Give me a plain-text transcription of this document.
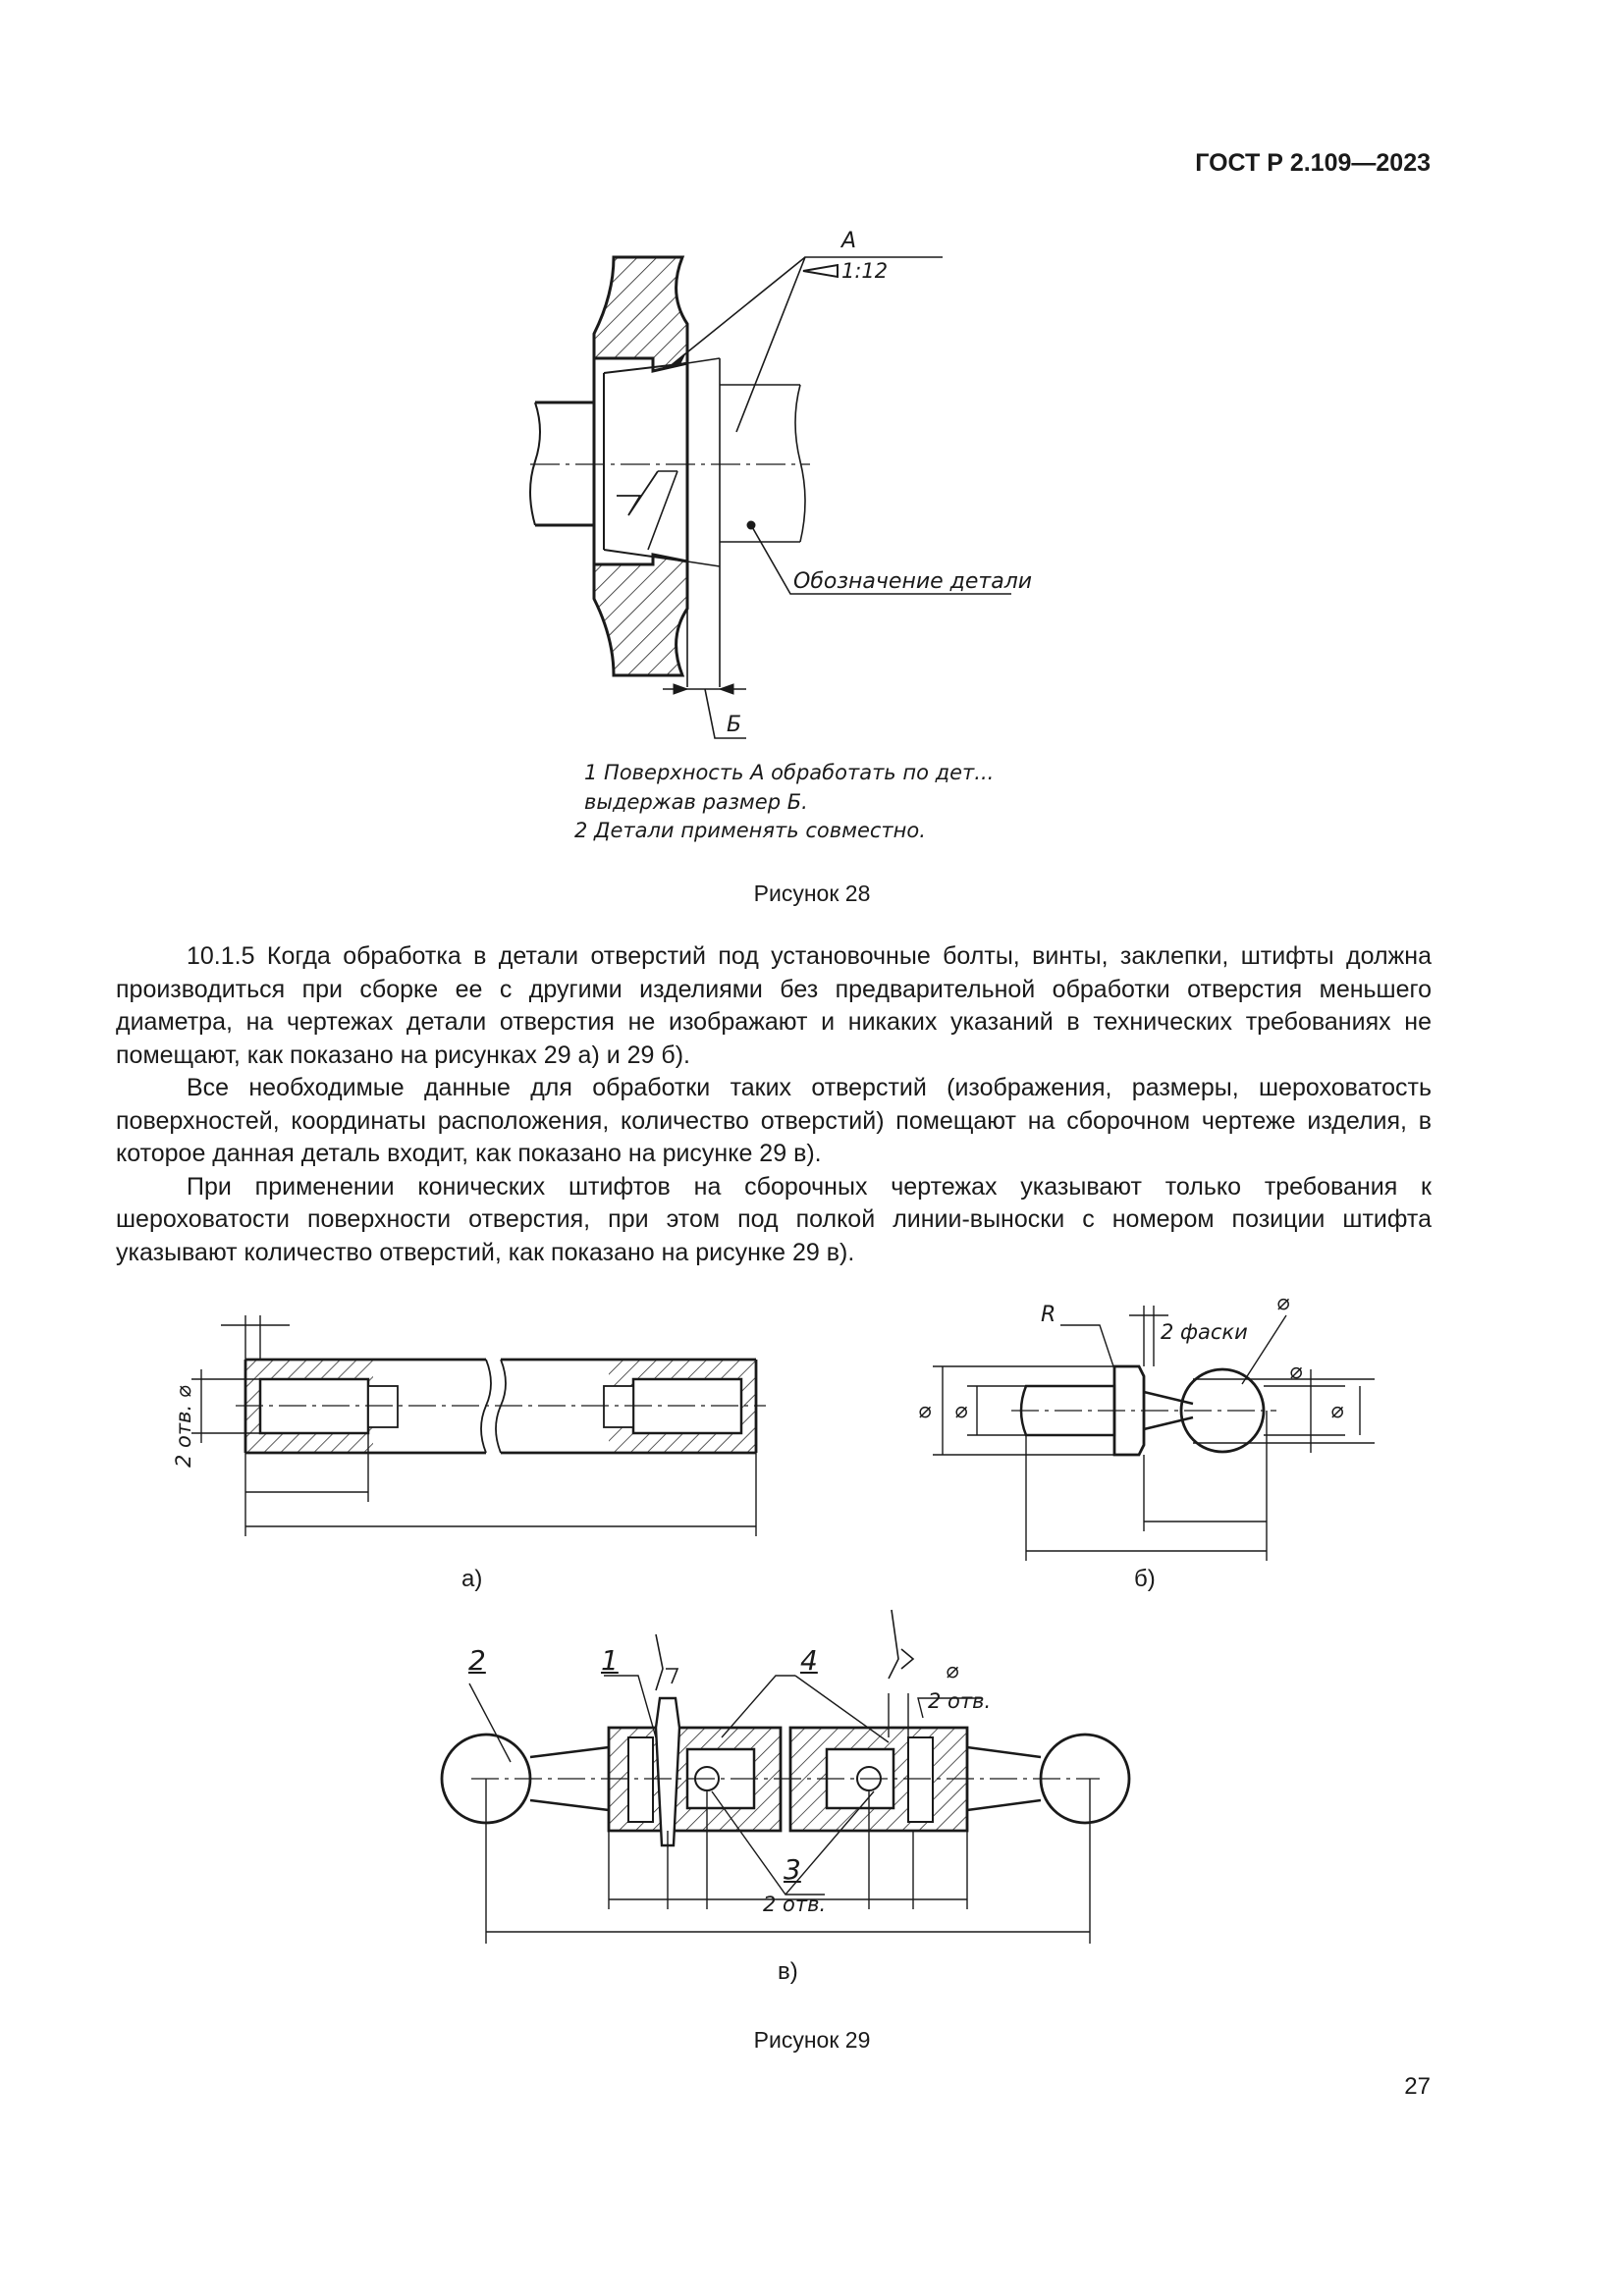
ГОСТ Р 2.109—2023
А
1:12
Обозначение детали
Б
1 Поверхность А обработать по дет...
выдержав размер Б.
2 Детали применять совместно.
Рисунок 28

10.1.5 Когда обработка в детали отверстий под установочные болты, винты, заклепки, штифты должна производиться при сборке ее с другими изделиями без предварительной обработки отверстия меньшего диаметра, на чертежах детали отверстия не изображают и никаких указаний в технических требованиях не помещают, как показано на рисунках 29 а) и 29 б).

Все необходимые данные для обработки таких отверстий (изображения, размеры, шероховатость поверхностей, координаты расположения, количество отверстий) помещают на сборочном чертеже изделия, в которое данная деталь входит, как показано на рисунке 29 в).

При применении конических штифтов на сборочных чертежах указывают только требования к шероховатости поверхности отверстия, при этом под полкой линии-выноски с номером позиции штифта указывают количество отверстий, как показано на рисунке 29 в).

2 отв. ⌀
а)
R
2 фаски
⌀
⌀ ⌀
⌀
⌀
б)
2	1	4
3
2 отв.
⌀
2 отв.
в)
Рисунок 29
27
